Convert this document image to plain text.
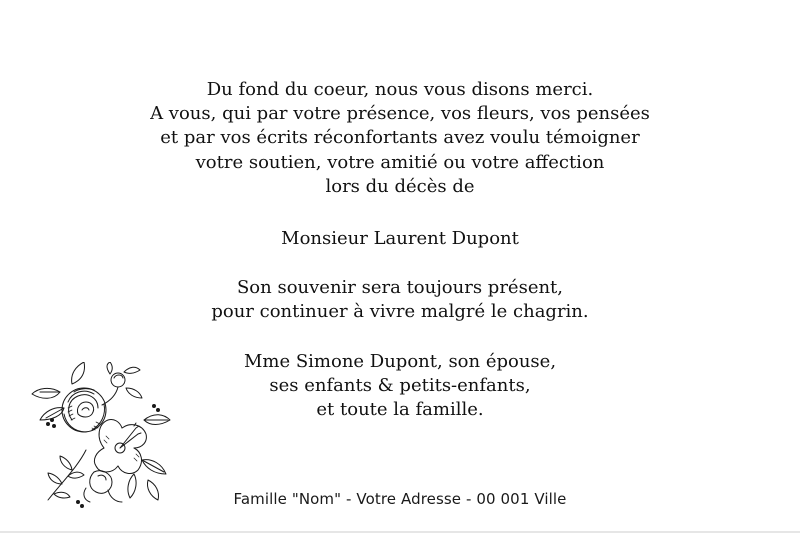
Du fond du coeur, nous vous disons merci.
A vous, qui par votre présence, vos fleurs, vos pensées
et par vos écrits réconfortants avez voulu témoigner
votre soutien, votre amitié ou votre affection
lors du décès de
Monsieur Laurent Dupont
Son souvenir sera toujours présent,
pour continuer à vivre malgré le chagrin.
Mme Simone Dupont, son épouse,
ses enfants & petits-enfants,
et toute la famille.
Famille "Nom" - Votre Adresse - 00 001 Ville
